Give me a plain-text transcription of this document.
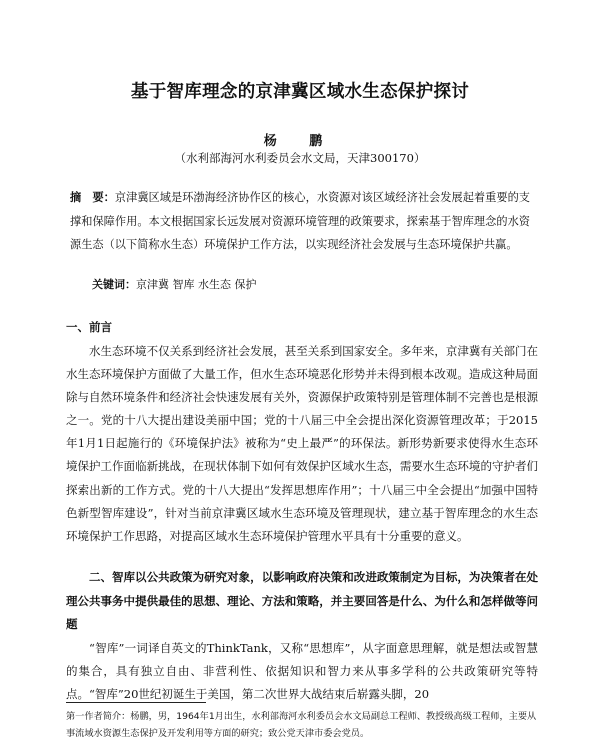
基于智库理念的京津冀区域水生态保护探讨
杨 鹏
（水利部海河水利委员会水文局，天津300170）
摘　要：京津冀区域是环渤海经济协作区的核心，水资源对该区域经济社会发展起着重要的支撑和保障作用。本文根据国家长远发展对资源环境管理的政策要求，探索基于智库理念的水资源生态（以下简称水生态）环境保护工作方法，以实现经济社会发展与生态环境保护共赢。
关键词：京津冀 智库 水生态 保护
一、前言
水生态环境不仅关系到经济社会发展，甚至关系到国家安全。多年来，京津冀有关部门在水生态环境保护方面做了大量工作，但水生态环境恶化形势并未得到根本改观。造成这种局面除与自然环境条件和经济社会快速发展有关外，资源保护政策特别是管理体制不完善也是根源之一。党的十八大提出建设美丽中国；党的十八届三中全会提出深化资源管理改革；于2015年1月1日起施行的《环境保护法》被称为“史上最严”的环保法。新形势新要求使得水生态环境保护工作面临新挑战，在现状体制下如何有效保护区域水生态，需要水生态环境的守护者们探索出新的工作方式。党的十八大提出“发挥思想库作用”；十八届三中全会提出“加强中国特色新型智库建设”，针对当前京津冀区域水生态环境及管理现状，建立基于智库理念的水生态环境保护工作思路，对提高区域水生态环境保护管理水平具有十分重要的意义。
二、智库以公共政策为研究对象，以影响政府决策和改进政策制定为目标，为决策者在处理公共事务中提供最佳的思想、理论、方法和策略，并主要回答是什么、为什么和怎样做等问题
“智库”一词译自英文的ThinkTank，又称“思想库”，从字面意思理解，就是想法或智慧的集合，具有独立自由、非营利性、依据知识和智力来从事多学科的公共政策研究等特点。“智库”20世纪初诞生于美国，第二次世界大战结束后崭露头脚，20
第一作者简介：杨鹏，男，1964年1月出生，水利部海河水利委员会水文局副总工程师、教授级高级工程师，主要从事流域水资源生态保护及开发利用等方面的研究；致公党天津市委会党员。
